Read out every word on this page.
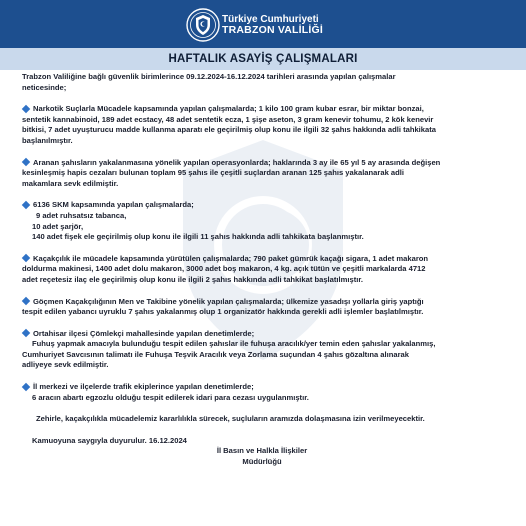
Türkiye Cumhuriyeti
TRABZON VALİLİĞİ
HAFTALIK ASAYİŞ ÇALIŞMALARI

Trabzon Valiliğine bağlı güvenlik birimlerince 09.12.2024-16.12.2024 tarihleri arasında yapılan çalışmalar

neticesinde;

Narkotik Suçlarla Mücadele kapsamında yapılan çalışmalarda; 1 kilo 100 gram kubar esrar, bir miktar bonzai,

sentetik kannabinoid, 189 adet ecstacy, 48 adet sentetik ecza, 1 şişe aseton, 3 gram kenevir tohumu, 2 kök kenevir

bitkisi, 7 adet uyuşturucu madde kullanma aparatı ele geçirilmiş olup konu ile ilgili 32 şahıs hakkında adli tahkikata

başlanılmıştır.

Aranan şahısların yakalanmasına yönelik yapılan operasyonlarda; haklarında 3 ay ile 65 yıl 5 ay arasında değişen

kesinleşmiş hapis cezaları bulunan toplam 95 şahıs ile çeşitli suçlardan aranan 125 şahıs yakalanarak adli

makamlara sevk edilmiştir.

6136 SKM kapsamında yapılan çalışmalarda;

9 adet ruhsatsız tabanca,

10 adet şarjör,

140 adet fişek ele geçirilmiş olup konu ile ilgili 11 şahıs hakkında adli tahkikata başlanmıştır.

Kaçakçılık ile mücadele kapsamında yürütülen çalışmalarda; 790 paket gümrük kaçağı sigara, 1 adet makaron

doldurma makinesi, 1400 adet dolu makaron, 3000 adet boş makaron, 4 kg. açık tütün ve çeşitli markalarda 4712

adet reçetesiz ilaç ele geçirilmiş olup konu ile ilgili 2 şahıs hakkında adli tahkikat başlatılmıştır.

Göçmen Kaçakçılığının Men ve Takibine yönelik yapılan çalışmalarda; ülkemize yasadışı yollarla giriş yaptığı

tespit edilen yabancı uyruklu 7 şahıs yakalanmış olup 1 organizatör hakkında gerekli adli işlemler başlatılmıştır.

Ortahisar ilçesi Çömlekçi mahallesinde yapılan denetimlerde;

Fuhuş yapmak amacıyla bulunduğu tespit edilen şahıslar ile fuhuşa aracılık/yer temin eden şahıslar yakalanmış,

Cumhuriyet Savcısının talimatı ile Fuhuşa Teşvik Aracılık veya Zorlama suçundan 4 şahıs gözaltına alınarak

adliyeye sevk edilmiştir.

İl merkezi ve ilçelerde trafik ekiplerince yapılan denetimlerde;

6 aracın abartı egzozlu olduğu tespit edilerek idari para cezası uygulanmıştır.

Zehirle, kaçakçılıkla mücadelemiz kararlılıkla sürecek, suçluların aramızda dolaşmasına izin verilmeyecektir.

Kamuoyuna saygıyla duyurulur. 16.12.2024

İl Basın ve Halkla İlişkiler

Müdürlüğü
